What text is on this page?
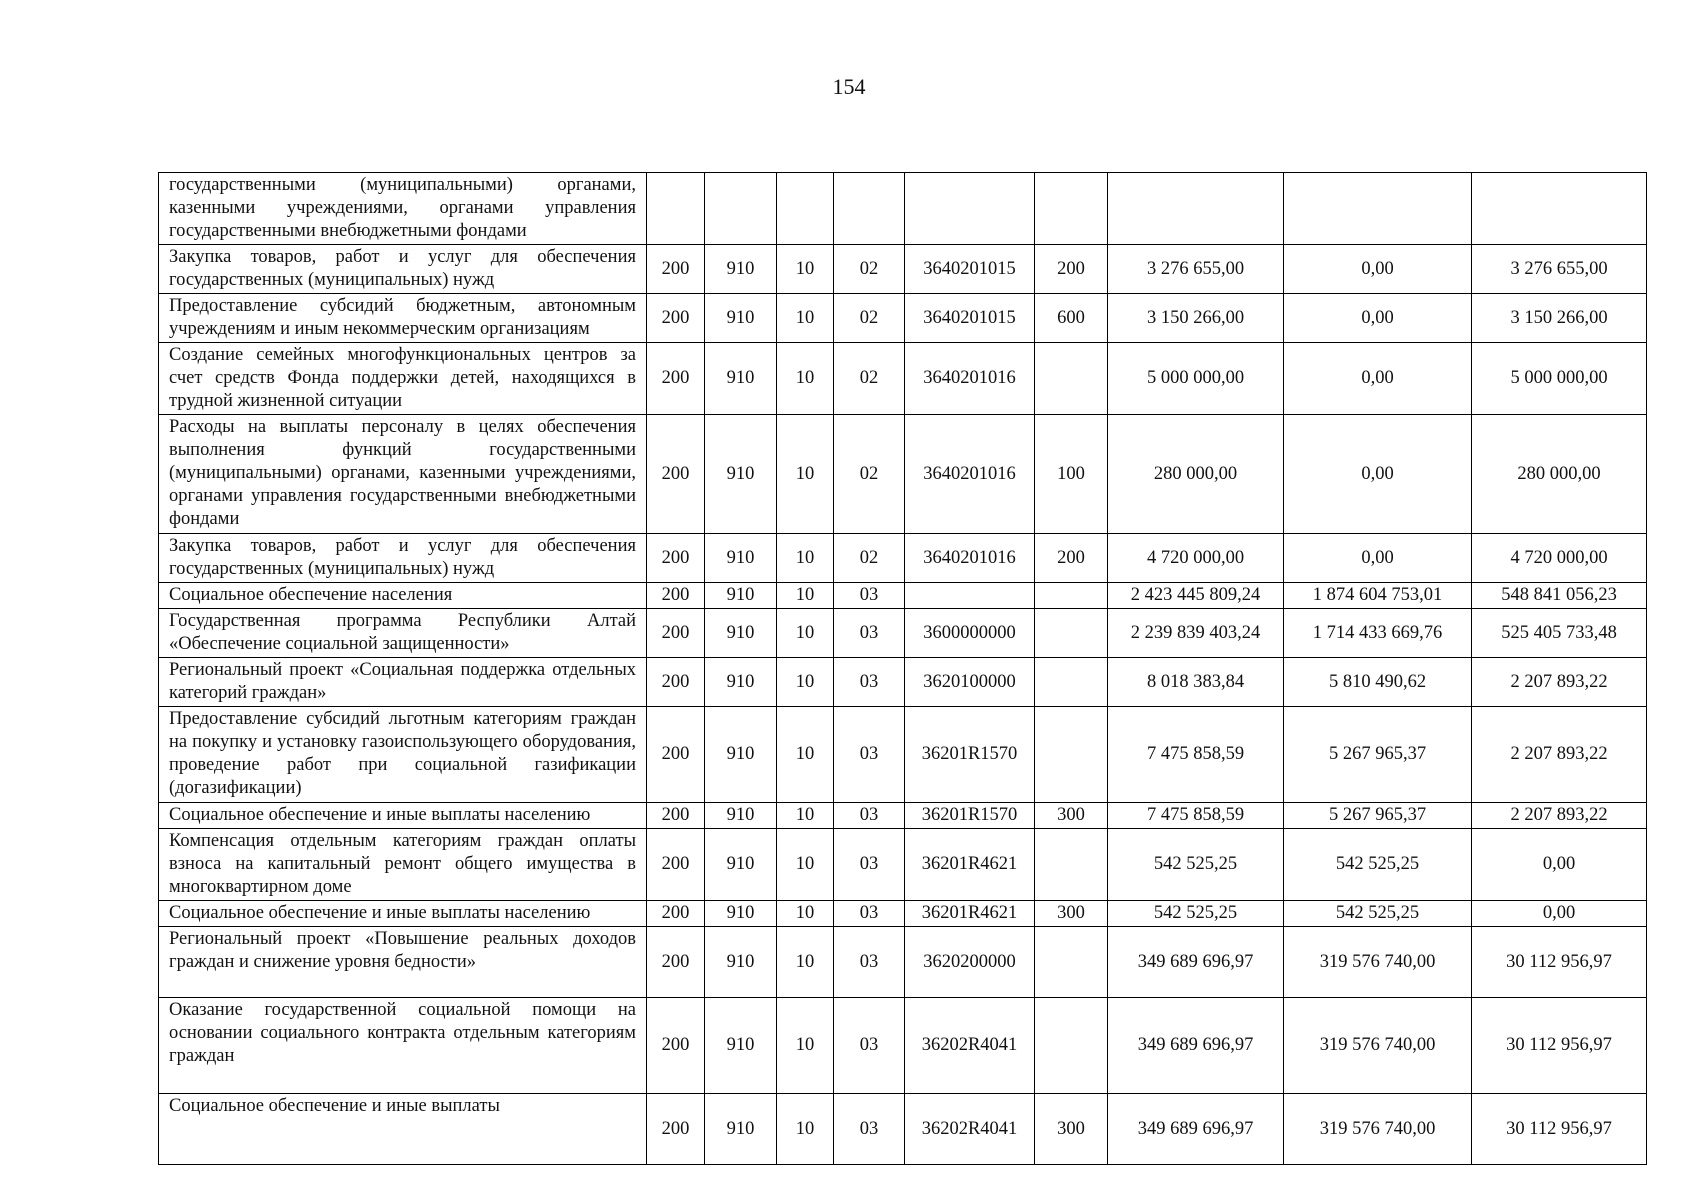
154
государственными (муниципальными) органами, казенными учреждениями, органами управления государственными внебюджетными фондами									
Закупка товаров, работ и услуг для обеспечения государственных (муниципальных) нужд	200	910	10	02	3640201015	200	3 276 655,00	0,00	3 276 655,00
Предоставление субсидий бюджетным, автономным учреждениям и иным некоммерческим организациям	200	910	10	02	3640201015	600	3 150 266,00	0,00	3 150 266,00
Создание семейных многофункциональных центров за счет средств Фонда поддержки детей, находящихся в трудной жизненной ситуации	200	910	10	02	3640201016		5 000 000,00	0,00	5 000 000,00
Расходы на выплаты персоналу в целях обеспечения выполнения функций государственными (муниципальными) органами, казенными учреждениями, органами управления государственными внебюджетными фондами	200	910	10	02	3640201016	100	280 000,00	0,00	280 000,00
Закупка товаров, работ и услуг для обеспечения государственных (муниципальных) нужд	200	910	10	02	3640201016	200	4 720 000,00	0,00	4 720 000,00
Социальное обеспечение населения	200	910	10	03			2 423 445 809,24	1 874 604 753,01	548 841 056,23
Государственная программа Республики Алтай «Обеспечение социальной защищенности»	200	910	10	03	3600000000		2 239 839 403,24	1 714 433 669,76	525 405 733,48
Региональный проект «Социальная поддержка отдельных категорий граждан»	200	910	10	03	3620100000		8 018 383,84	5 810 490,62	2 207 893,22
Предоставление субсидий льготным категориям граждан на покупку и установку газоиспользующего оборудования, проведение работ при социальной газификации (догазификации)	200	910	10	03	36201R1570		7 475 858,59	5 267 965,37	2 207 893,22
Социальное обеспечение и иные выплаты населению	200	910	10	03	36201R1570	300	7 475 858,59	5 267 965,37	2 207 893,22
Компенсация отдельным категориям граждан оплаты взноса на капитальный ремонт общего имущества в многоквартирном доме	200	910	10	03	36201R4621		542 525,25	542 525,25	0,00
Социальное обеспечение и иные выплаты населению	200	910	10	03	36201R4621	300	542 525,25	542 525,25	0,00
Региональный проект «Повышение реальных доходов граждан и снижение уровня бедности»	200	910	10	03	3620200000		349 689 696,97	319 576 740,00	30 112 956,97
Оказание государственной социальной помощи на основании социального контракта отдельным категориям граждан	200	910	10	03	36202R4041		349 689 696,97	319 576 740,00	30 112 956,97
Социальное обеспечение и иные выплаты	200	910	10	03	36202R4041	300	349 689 696,97	319 576 740,00	30 112 956,97
